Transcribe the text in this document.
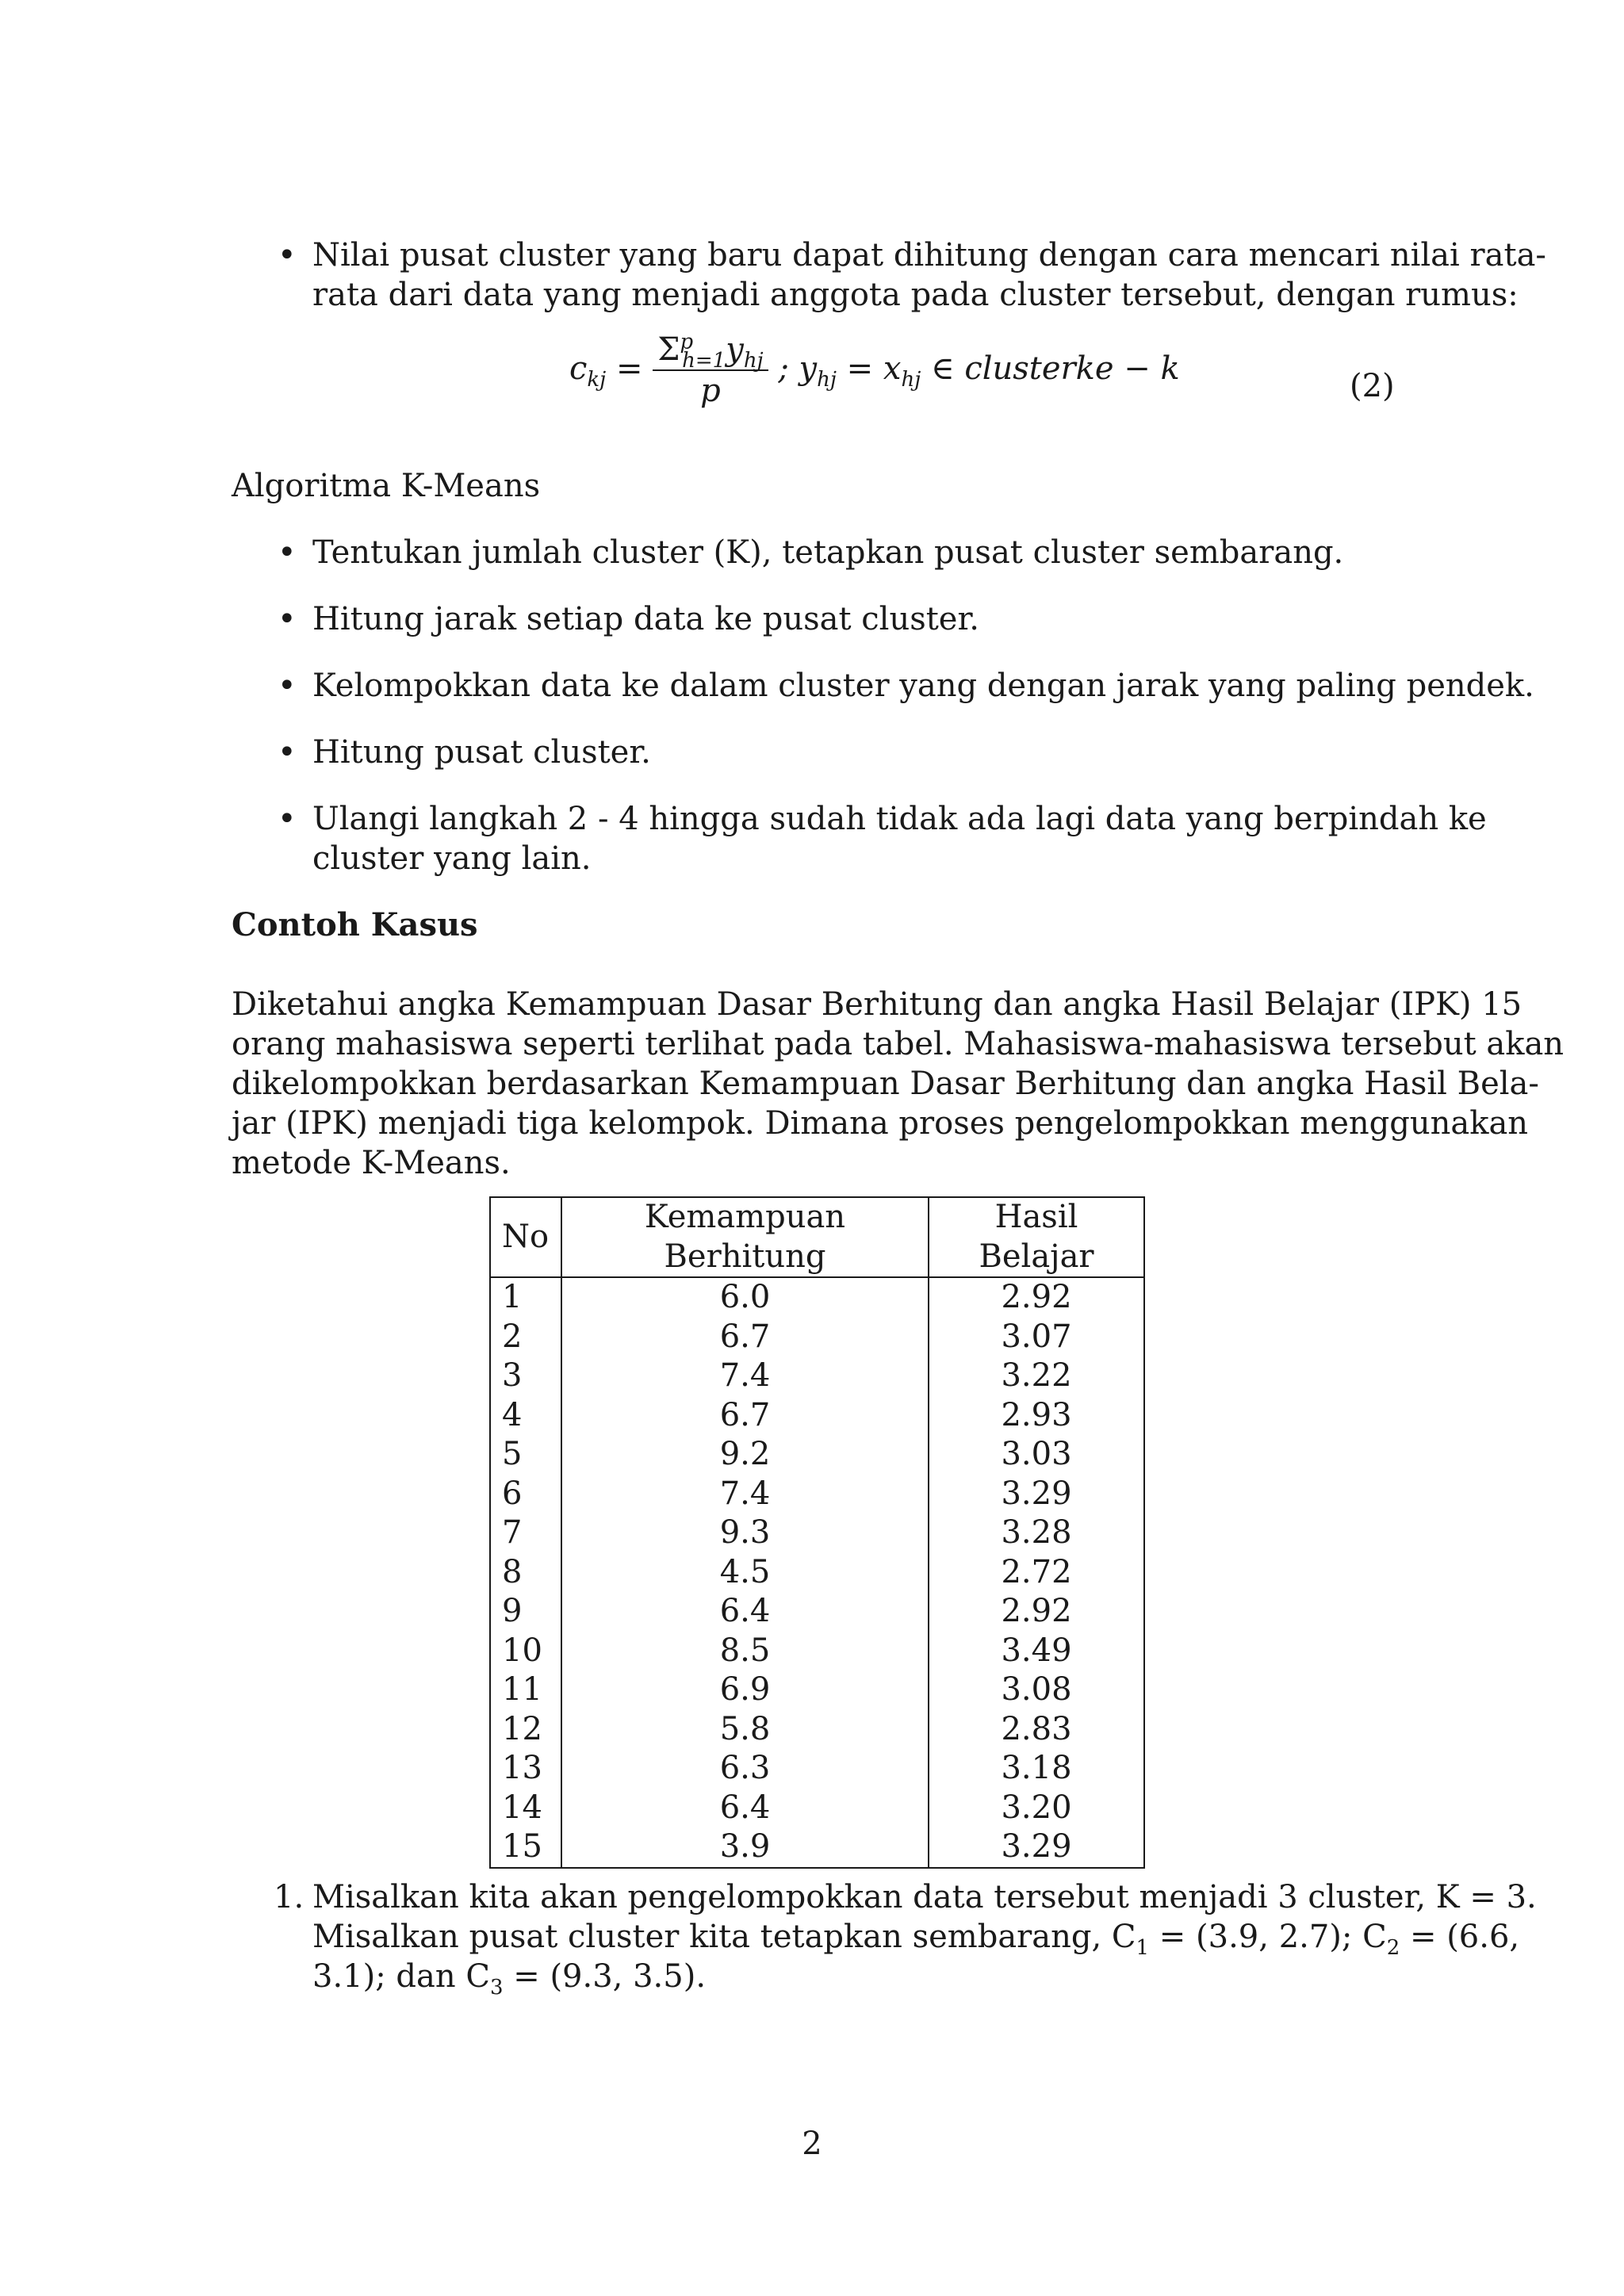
• Nilai pusat cluster yang baru dapat dihitung dengan cara mencari nilai rata-
rata dari data yang menjadi anggota pada cluster tersebut, dengan rumus:
$c_{kj} = \frac{\Sigma^p_{h=1}y_{hj}}{p}$ ; $y_{hj} = x_{hj}$ ∈ clusterke − k	(2)
Algoritma K-Means
• Tentukan jumlah cluster (K), tetapkan pusat cluster sembarang.
• Hitung jarak setiap data ke pusat cluster.
• Kelompokkan data ke dalam cluster yang dengan jarak yang paling pendek.
• Hitung pusat cluster.
• Ulangi langkah 2 - 4 hingga sudah tidak ada lagi data yang berpindah ke
cluster yang lain.
Contoh Kasus
Diketahui angka Kemampuan Dasar Berhitung dan angka Hasil Belajar (IPK) 15
orang mahasiswa seperti terlihat pada tabel. Mahasiswa-mahasiswa tersebut akan
dikelompokkan berdasarkan Kemampuan Dasar Berhitung dan angka Hasil Bela-
jar (IPK) menjadi tiga kelompok. Dimana proses pengelompokkan menggunakan
metode K-Means.
No	Kemampuan Berhitung	Hasil Belajar
1	6.0	2.92
2	6.7	3.07
3	7.4	3.22
4	6.7	2.93
5	9.2	3.03
6	7.4	3.29
7	9.3	3.28
8	4.5	2.72
9	6.4	2.92
10	8.5	3.49
11	6.9	3.08
12	5.8	2.83
13	6.3	3.18
14	6.4	3.20
15	3.9	3.29
1. Misalkan kita akan pengelompokkan data tersebut menjadi 3 cluster, K = 3.
Misalkan pusat cluster kita tetapkan sembarang, $C_1 = (3.9$, 2.7); $C_2 = (6.6$,
3.1); dan $C_3 = (9.3$, 3.5).
2
